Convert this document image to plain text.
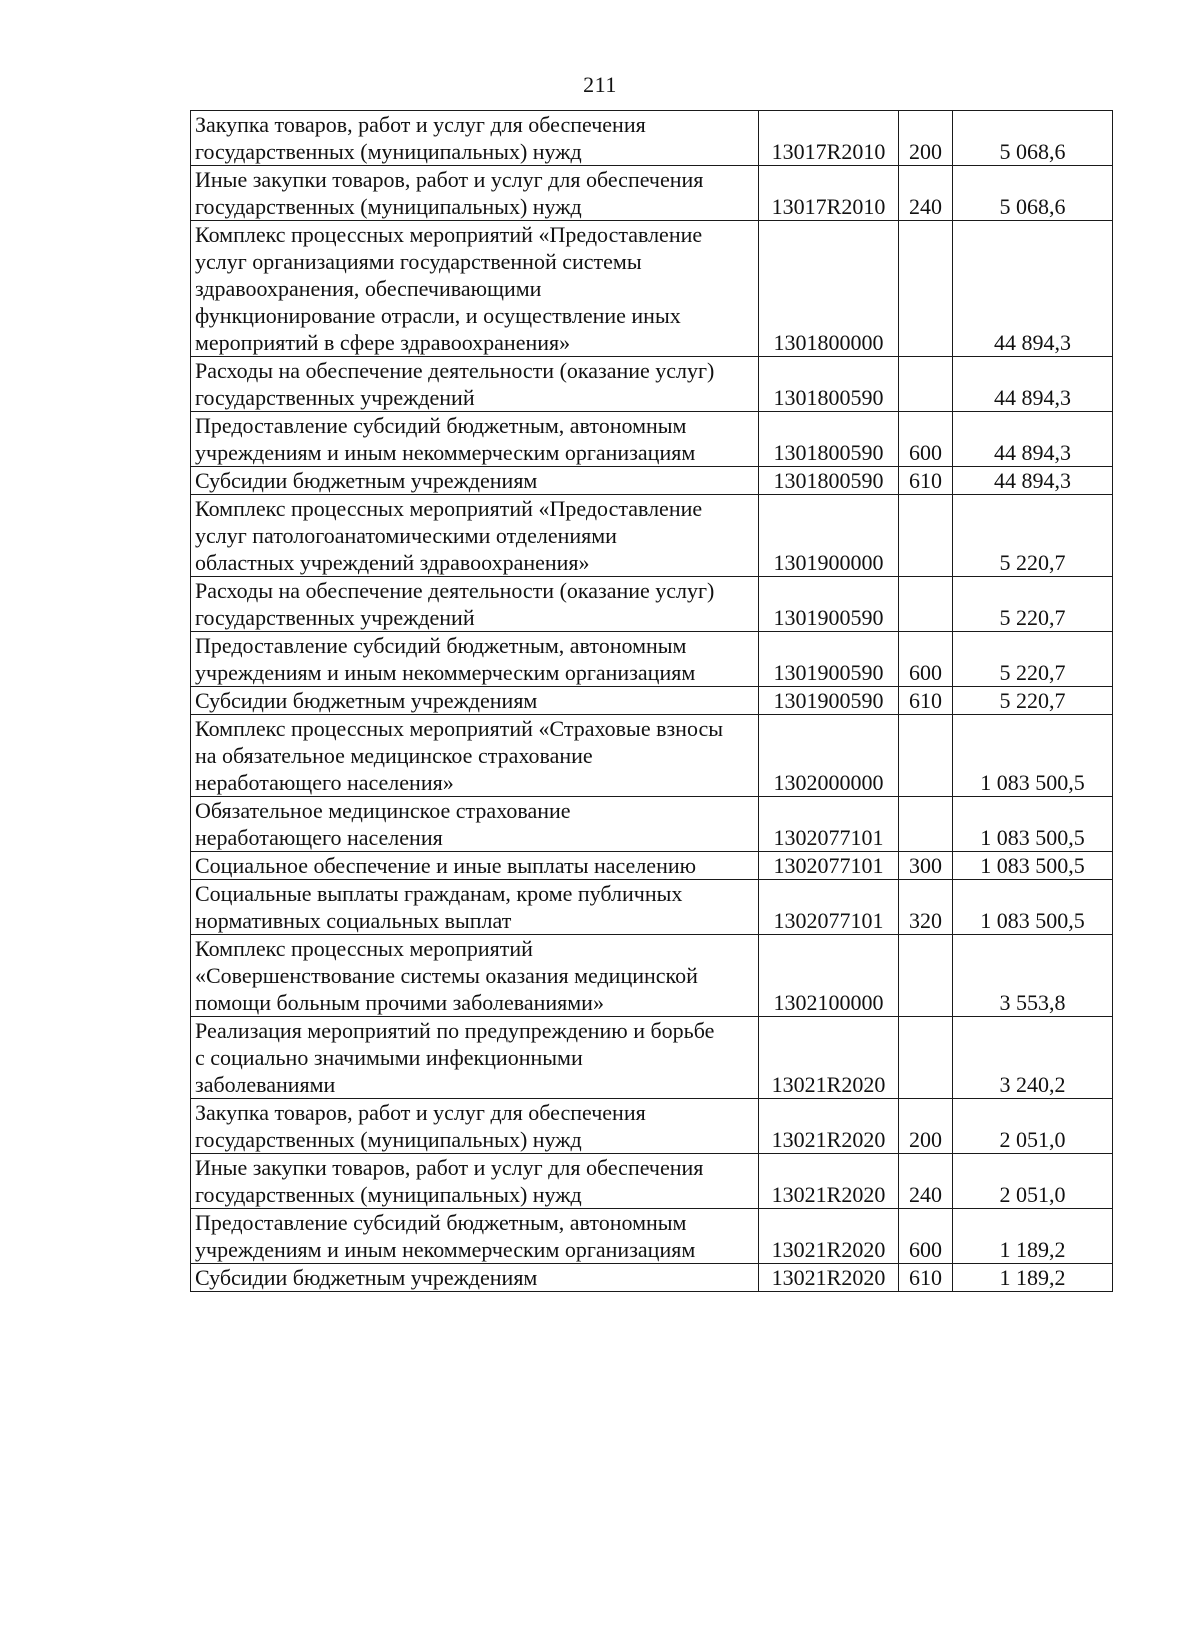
211
Закупка товаров, работ и услуг для обеспечения
государственных (муниципальных) нужд	13017R2010	200	5 068,6
Иные закупки товаров, работ и услуг для обеспечения
государственных (муниципальных) нужд	13017R2010	240	5 068,6
Комплекс процессных мероприятий «Предоставление
услуг организациями государственной системы
здравоохранения, обеспечивающими
функционирование отрасли, и осуществление иных
мероприятий в сфере здравоохранения»	1301800000		44 894,3
Расходы на обеспечение деятельности (оказание услуг)
государственных учреждений	1301800590		44 894,3
Предоставление субсидий бюджетным, автономным
учреждениям и иным некоммерческим организациям	1301800590	600	44 894,3
Субсидии бюджетным учреждениям	1301800590	610	44 894,3
Комплекс процессных мероприятий «Предоставление
услуг патологоанатомическими отделениями
областных учреждений здравоохранения»	1301900000		5 220,7
Расходы на обеспечение деятельности (оказание услуг)
государственных учреждений	1301900590		5 220,7
Предоставление субсидий бюджетным, автономным
учреждениям и иным некоммерческим организациям	1301900590	600	5 220,7
Субсидии бюджетным учреждениям	1301900590	610	5 220,7
Комплекс процессных мероприятий «Страховые взносы
на обязательное медицинское страхование
неработающего населения»	1302000000		1 083 500,5
Обязательное медицинское страхование
неработающего населения	1302077101		1 083 500,5
Социальное обеспечение и иные выплаты населению	1302077101	300	1 083 500,5
Социальные выплаты гражданам, кроме публичных
нормативных социальных выплат	1302077101	320	1 083 500,5
Комплекс процессных мероприятий
«Совершенствование системы оказания медицинской
помощи больным прочими заболеваниями»	1302100000		3 553,8
Реализация мероприятий по предупреждению и борьбе
с социально значимыми инфекционными
заболеваниями	13021R2020		3 240,2
Закупка товаров, работ и услуг для обеспечения
государственных (муниципальных) нужд	13021R2020	200	2 051,0
Иные закупки товаров, работ и услуг для обеспечения
государственных (муниципальных) нужд	13021R2020	240	2 051,0
Предоставление субсидий бюджетным, автономным
учреждениям и иным некоммерческим организациям	13021R2020	600	1 189,2
Субсидии бюджетным учреждениям	13021R2020	610	1 189,2
